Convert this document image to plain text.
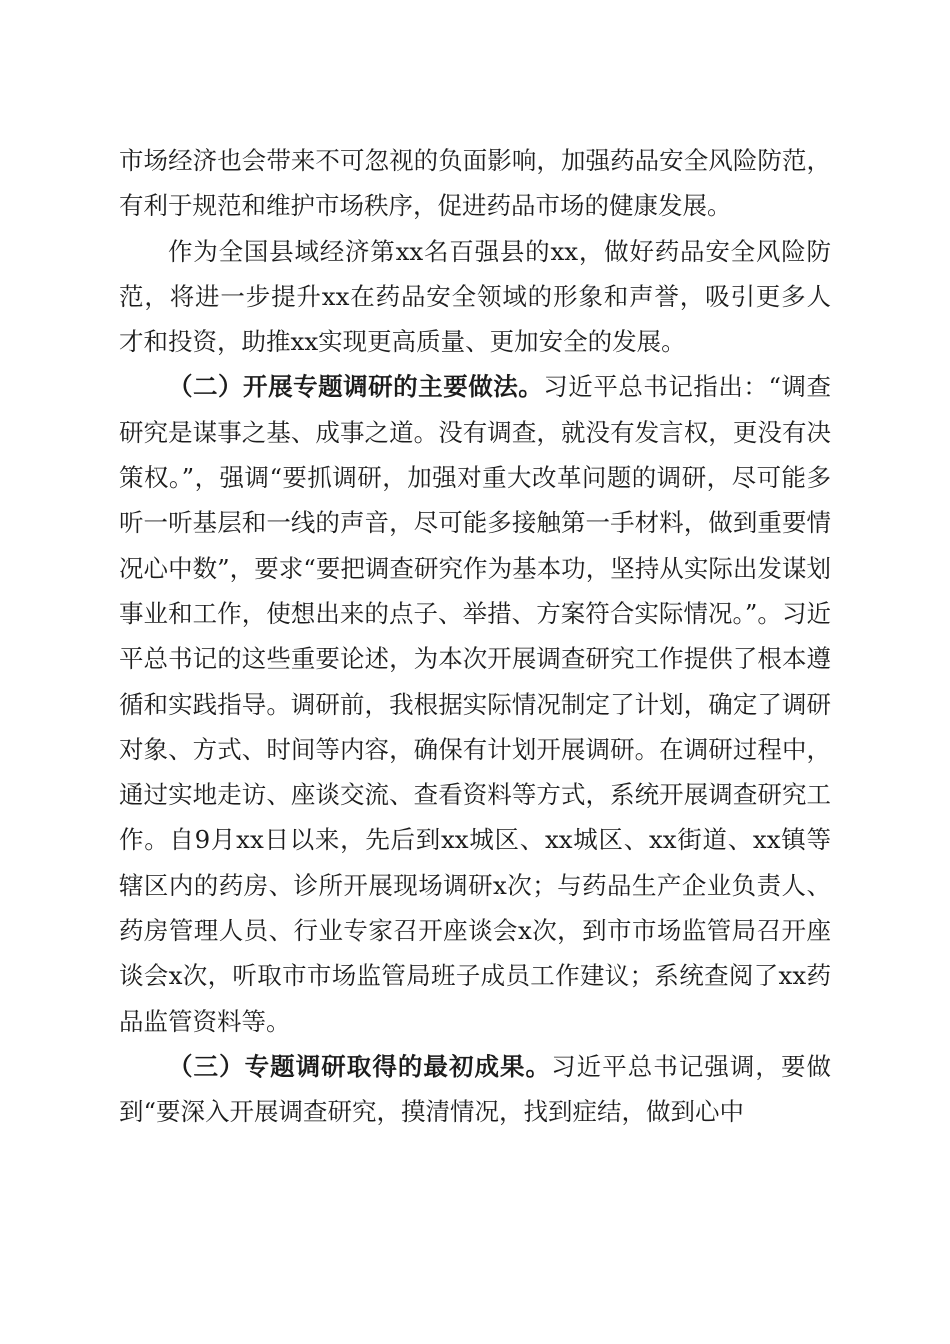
市场经济也会带来不可忽视的负面影响，加强药品安全风险防范，有利于规范和维护市场秩序，促进药品市场的健康发展。

作为全国县域经济第xx名百强县的xx，做好药品安全风险防范，将进一步提升xx在药品安全领域的形象和声誉，吸引更多人才和投资，助推xx实现更高质量、更加安全的发展。

（二）开展专题调研的主要做法。习近平总书记指出：“调查研究是谋事之基、成事之道。没有调查，就没有发言权，更没有决策权。”，强调“要抓调研，加强对重大改革问题的调研，尽可能多听一听基层和一线的声音，尽可能多接触第一手材料，做到重要情况心中数”，要求“要把调查研究作为基本功，坚持从实际出发谋划事业和工作，使想出来的点子、举措、方案符合实际情况。”。习近平总书记的这些重要论述，为本次开展调查研究工作提供了根本遵循和实践指导。调研前，我根据实际情况制定了计划，确定了调研对象、方式、时间等内容，确保有计划开展调研。在调研过程中，通过实地走访、座谈交流、查看资料等方式，系统开展调查研究工作。自9月xx日以来，先后到xx城区、xx城区、xx街道、xx镇等辖区内的药房、诊所开展现场调研x次；与药品生产企业负责人、药房管理人员、行业专家召开座谈会x次，到市市场监管局召开座谈会x次，听取市市场监管局班子成员工作建议；系统查阅了xx药品监管资料等。

（三）专题调研取得的最初成果。习近平总书记强调，要做到“要深入开展调查研究，摸清情况，找到症结，做到心中
